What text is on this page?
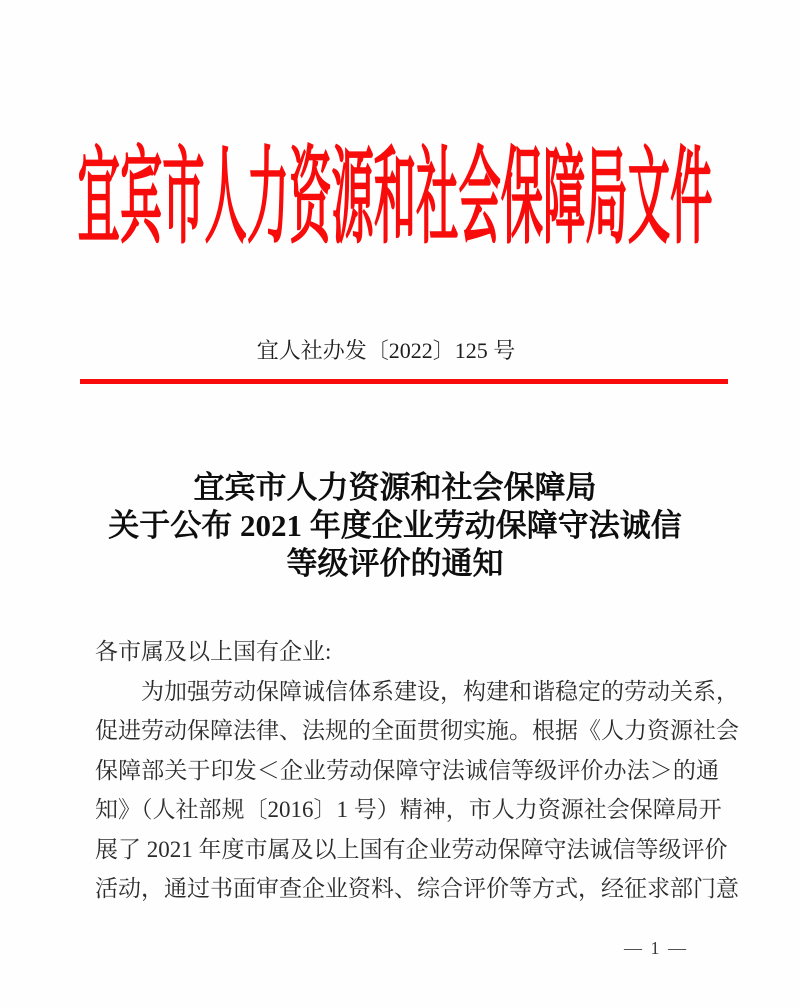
宜宾市人力资源和社会保障局文件
宜人社办发〔2022〕125 号
宜宾市人力资源和社会保障局
关于公布 2021 年度企业劳动保障守法诚信
等级评价的通知
各市属及以上国有企业:
　　为加强劳动保障诚信体系建设，构建和谐稳定的劳动关系，
促进劳动保障法律、法规的全面贯彻实施。根据《人力资源社会
保障部关于印发＜企业劳动保障守法诚信等级评价办法＞的通
知》（人社部规〔2016〕1 号）精神，市人力资源社会保障局开
展了 2021 年度市属及以上国有企业劳动保障守法诚信等级评价
活动，通过书面审查企业资料、综合评价等方式，经征求部门意
— 1 —
